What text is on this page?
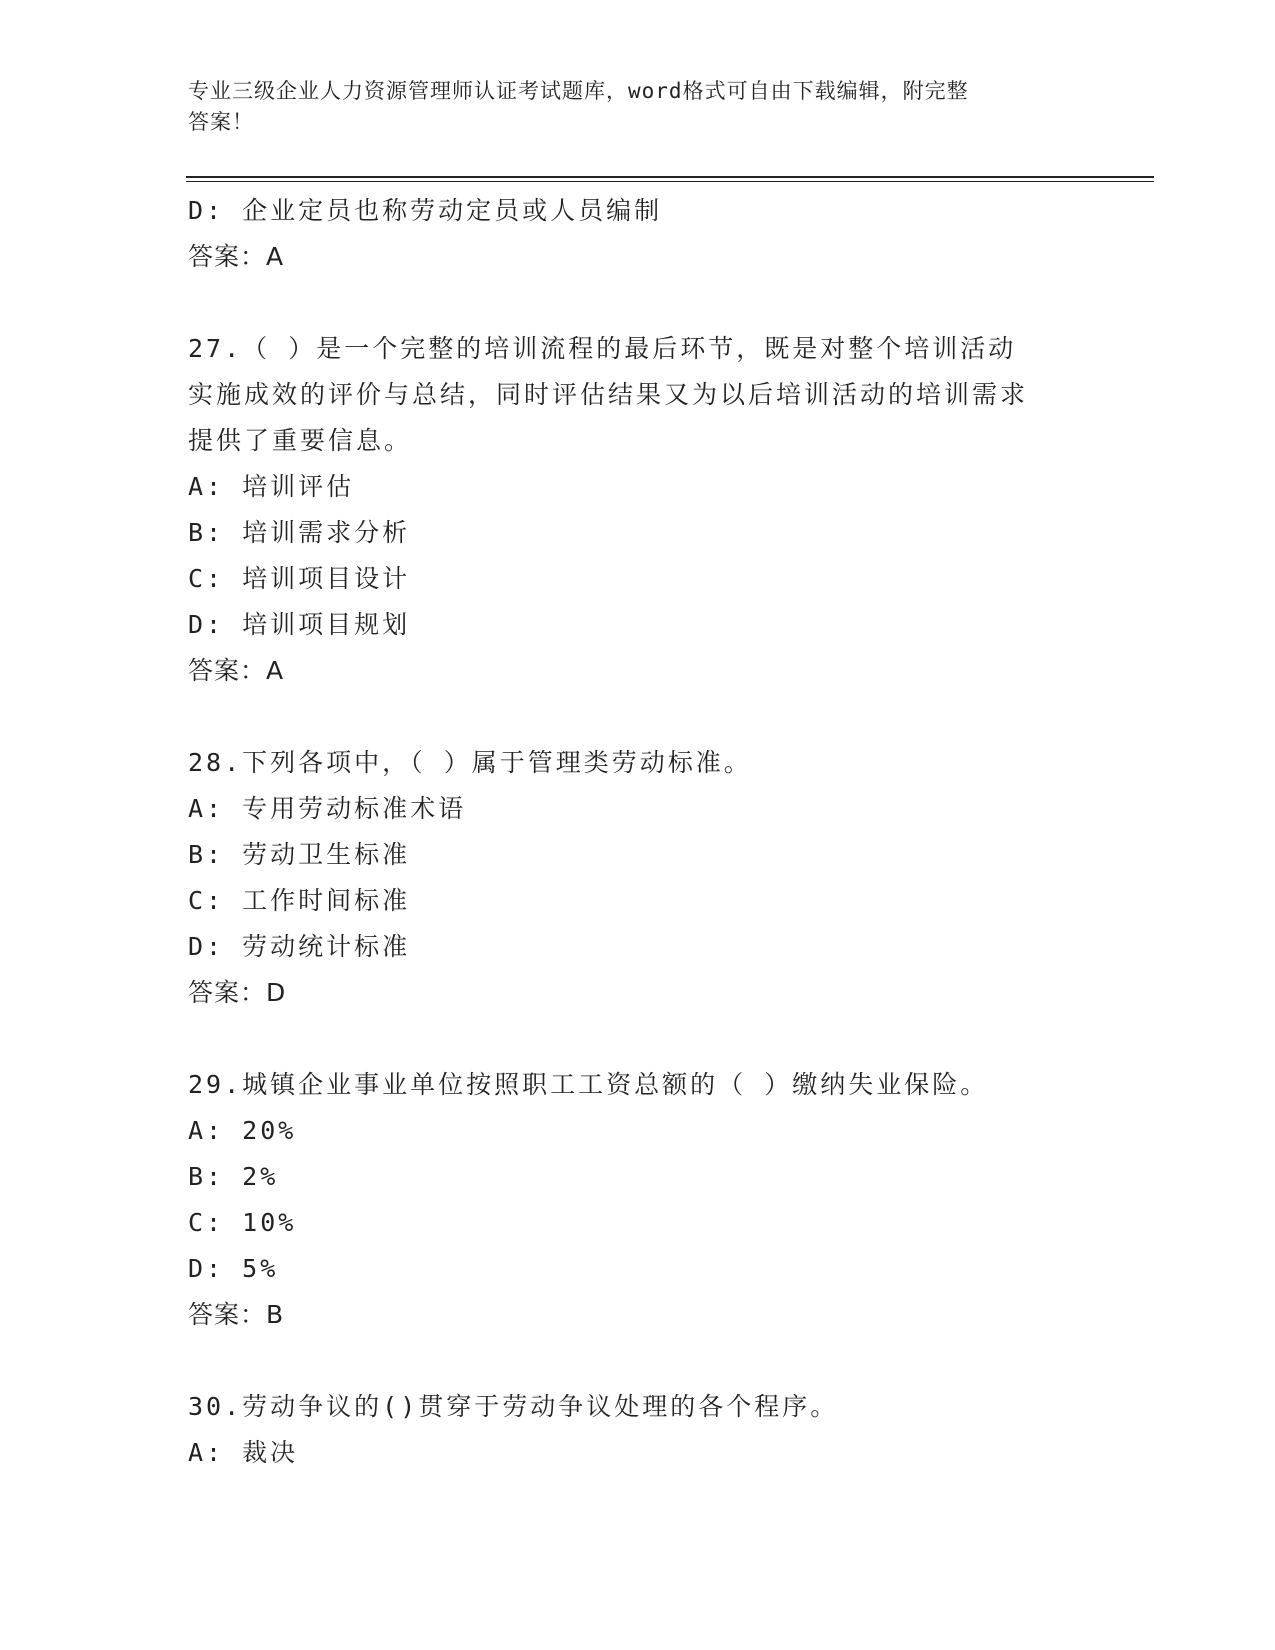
专业三级企业人力资源管理师认证考试题库，word格式可自由下载编辑，附完整
答案！
D: 企业定员也称劳动定员或人员编制
答案：A
27.（ ）是一个完整的培训流程的最后环节，既是对整个培训活动
实施成效的评价与总结，同时评估结果又为以后培训活动的培训需求
提供了重要信息。
A: 培训评估
B: 培训需求分析
C: 培训项目设计
D: 培训项目规划
答案：A
28.下列各项中，（ ）属于管理类劳动标准。
A: 专用劳动标准术语
B: 劳动卫生标准
C: 工作时间标准
D: 劳动统计标准
答案：D
29.城镇企业事业单位按照职工工资总额的（ ）缴纳失业保险。
A: 20%
B: 2%
C: 10%
D: 5%
答案：B
30.劳动争议的()贯穿于劳动争议处理的各个程序。
A: 裁决
